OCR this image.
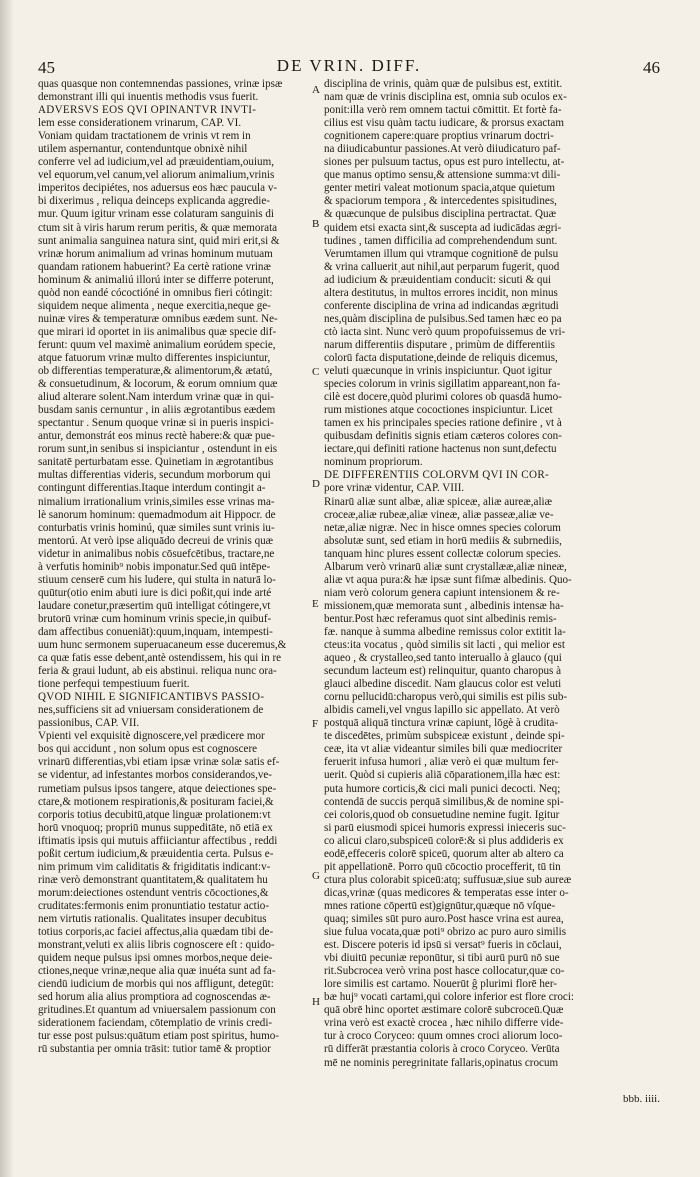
45	DE VRIN. DIFF.	46
quas quasque non contemnendas passiones, vrinæ ipsæ
demonstrant illi qui inuentis methodis vsus fuerit.
ADVERSVS EOS QVI OPINANTVR INVTI-
lem esse considerationem vrinarum, CAP. VI.
Voniam quidam tractationem de vrinis vt rem in
utilem aspernantur, contenduntque obnixè nihil
conferre vel ad iudicium,vel ad præuidentiam,ouium,
vel equorum,vel canum,vel aliorum animalium,vrinis
imperitos decipiétes, nos aduersus eos hæc paucula v-
bi dixerimus , reliqua deinceps explicanda aggredie-
mur. Quum igitur vrinam esse colaturam sanguinis di
ctum sit à viris harum rerum peritis, & quæ memorata
sunt animalia sanguinea natura sint, quid miri erit,si &
vrinæ horum animalium ad vrinas hominum mutuam
quandam rationem habuerint? Ea certè ratione vrinæ
hominum & animaliú illorú inter se differre poterunt,
quòd non eandé cócoctióné in omnibus fieri cótingit:
siquidem neque alimenta , neque exercitia,neque ge-
nuinæ vires & temperaturæ omnibus eædem sunt. Ne-
que mirari id oportet in iis animalibus quæ specie dif-
ferunt: quum vel maximè animalium eorúdem speciе,
atque fatuorum vrinæ multo differentes inspiciuntur,
ob differentias temperaturæ,& alimentorum,& ætatú,
& consuetudinum, & locorum, & eorum omnium quæ
aliud alterare solent.Nam interdum vrinæ quæ in qui-
busdam sanis cernuntur , in aliis ægrotantibus eædem
spectantur . Senum quoque vrinæ si in pueris inspici-
antur, demonstrát eos minus rectè habere:& quæ pue-
rorum sunt,in senibus si inspiciantur , ostendunt in eis
sanitatē perturbatam esse. Quinetiam in ægrotantibus
multas differentias videris, secundum morborum qui
contingunt differentias.Itaque interdum contingit a-
nimalium irrationalium vrinis,similes esse vrinas ma-
lè sanorum hominum: quemadmodum ait Hippocr. de
conturbatis vrinis hominú, quæ similes sunt vrinis iu-
mentorú. At verò ipse aliquādo decreui de vrinis quæ
videtur in animalibus nobis cōsuefcētibus, tractare,ne
à verfutis hominib⁹ nobis imponatur.Sed quū intēpe-
stiuum censerē cum his ludere, qui stulta in naturā lo-
quūtur(otio enim abuti iure is dici poßit,qui inde arté
laudare conetur,præsertim quū intelligat cótingere,vt
brutorū vrinæ cum hominum vrinis specie,in quibuf-
dam affectibus conueniāt):quum,inquam, intempesti-
uum hunc sermonem superuacaneum esse duceremus,&
ca quæ fatis esse debent,antè ostendissem, his qui in re
feria & graui ludunt, ab eis abstinui. reliqua nunc ora-
tione perfequi tempestiuum fuerit.
QVOD NIHIL E SIGNIFICANTIBVS PASSIO-
nes,sufficiens sit ad vniuersam considerationem de
passionibus, CAP. VII.
Vpienti vel exquisitè dignoscere,vel prædicere mor
bos qui accidunt , non solum opus est cognoscere
vrinarū differentias,vbi etiam ipsæ vrinæ solæ satis ef-
se videntur, ad infestantes morbos considerandos,ve-
rumetiam pulsus ipsos tangere, atque deiectiones spe-
ctare,& motionem respirationis,& posituram faciei,&
corporis totius decubitū,atque linguæ prolationem:vt
horū vnoquoq; propriū munus suppeditāte, nō etiā ex
iftimatis ipsis qui mutuis affiiciantur affectibus , reddi
poßit certum iudicium,& præuidentia certa. Pulsus e-
nim primum vim caliditatis & frigiditatis indicant:v-
rinæ verò demonstrant quantitatem,& qualitatem hu
morum:deiectiones ostendunt ventris cōcoctiones,&
cruditates:fermonis enim pronuntiatio testatur actio-
nem virtutis rationalis. Qualitates insuper decubitus
totius corporis,ac faciei affectus,alia quædam tibi de-
monstrant,veluti ex aliis libris cognoscere eſt : quido-
quidem neque pulsus ipsi omnes morbos,neque deie-
ctiones,neque vrinæ,neque alia quæ inuéta sunt ad fa-
ciendū iudicium de morbis qui nos affligunt, detegūt:
sed horum alia alius promptiora ad cognoscendas æ-
gritudines.Et quantum ad vniuersalem passionum con
siderationem faciendam, cōtemplatio de vrinis credi-
tur esse post pulsus:quātum etiam post spiritus, humo-
rū substantia per omnia trāsit: tutior tamē & proptior
A
B
C
D
E
F
G
H
disciplina de vrinis, quàm quæ de pulsibus est, extitit.
nam quæ de vrinis disciplina est, omnia sub oculos ex-
ponit:illa verò rem omnem tactui cōmittit. Et fortè fa-
cilius est visu quàm tactu iudicare, & prorsus exactam
cognitionem capere:quare proptius vrinarum doctri-
na diiudicabuntur passiones.At verò diiudicaturo paf-
siones per pulsuum tactus, opus est puro intellectu, at-
que manus optimo sensu,& attensione summa:vt dili-
genter metiri valeat motionum spacia,atque quietum
& spaciorum tempora , & intercedentes spisitudines,
& quæcunque de pulsibus disciplina pertractat. Quæ
quidem etsi exacta sint,& suscepta ad iudicādas ægri-
tudines , tamen difficilia ad comprehendendum sunt.
Verumtamen illum qui vtramque cognitionē de pulsu
& vrina callueritˌaut nihil,aut perparum fugerit, quod
ad iudicium & præuidentiam conducit: sicuti & qui
altera destitutus, in multos errores incidit, non minus
conferente disciplina de vrina ad indicandas ægritudi
nes,quàm disciplina de pulsibus.Sed tamen hæc eo pa
ctò iacta sint. Nunc verò quum propofuissemus de vri-
narum differentiis disputare , primùm de differentiis
colorū facta disputatione,deinde de reliquis dicemus,
veluti quæcunque in vrinis inspiciuntur. Quot igitur
species colorum in vrinis sigillatim appareant,non fa-
cilè est docere,quòd plurimi colores ob quasdā humo-
rum mistiones atque cococtiones inspiciuntur. Licet
tamen ex his principales species ratione definire , vt à
quibusdam definitis signis etiam cæteros colores con-
iectare,qui definiti ratione hactenus non sunt,defectu
nominum propriorum.
DE DIFFERENTIIS COLORVM QVI IN COR-
pore vrinæ videntur, CAP. VIII.
Rinarū aliæ sunt albæ, aliæ spiceæ, aliæ aureæ,aliæ
croceæ,aliæ rubeæ,aliæ vineæ, aliæ passeæ,aliæ ve-
netæ,aliæ nigræ. Nec in hisce omnes species colorum
absolutæ sunt, sed etiam in horū mediis & subrnediis,
tanquam hinc plures essent collectæ colorum species.
Albarum verò vrinarū aliæ sunt crystallææ,aliæ nineæ,
aliæ vt aqua pura:& hæ ipsæ sunt fiſmæ albedinis. Quo-
niam verò colorum genera capiunt intensionem & re-
missionem,quæ memorata sunt , albedinis intensæ ha-
bentur.Post hæc referamus quot sint albedinis remis-
fæ. nanque à summa albedine remissus color extitit la-
cteus:ita vocatus , quòd similis sit lacti , qui melior est
aqueo , & crystalleo,sed tanto interuallo à glauco (qui
secundum lacteum est) relinquitur, quanto charopus à
glauci albedine discedit. Nam glaucus color est veluti
cornu pellucidū:charopus verò,qui similis est pilis sub-
albidis cameli,vel vngus lapillo sic appellato. At verò
postquā aliquā tinctura vrinæ capiunt, lōgè à crudita-
te discedētes, primùm subspiceæ existunt , deinde spi-
ceæ, ita vt aliæ videantur similes bili quæ mediocriter
feruerit infusa humori , aliæ verò ei quæ multum fer-
uerit. Quòd si cupieris aliā cōparationem,illa hæc est:
puta humore corticis,& cici mali punici decocti. Neq;
contendā de succis perquā similibus,& de nomine spi-
cei coloris,quod ob consuetudine nemine fugit. Igitur
si parū eiusmodi spicei humoris expressi inieceris suc-
co alicui claro,subspiceū colorē:& si plus addideris ex
eodē,effeceris colorē spiceū, quorum alter ab altero ca
pit appellationē. Porro quū cōcoctio procefferit, tū tin
ctura plus colorabit spiceū:atq; suffusuæ,siue sub aureæ
dicas,vrinæ (quas medicores & temperatas esse inter o-
mnes ratione cōpertū est)gignūtur,quæque nō vſque-
quaq; similes sūt puro auro.Post hasce vrina est aurea,
siue fulua vocata,quæ poti⁹ obrizo ac puro auro similis
est. Discere poteris id ipsū si versat⁹ fueris in cōclaui,
vbi diuitū pecuniæ reponūtur, si tibi aurū purū nō sue
rit.Subcrocea verò vrina post hasce collocatur,quæ co-
lore similis est cartamo. Nouerūt ĝ plurimi florē her-
bæ huj⁹ vocati cartami,qui colore inferior est flore croci:
quā obrē hinc oportet æstimare colorē subcroceū.Quæ
vrina verò est exactè crocea , hæc nihilo differre vide-
tur à croco Coryceo: quum omnes croci aliorum loco-
rū differāt præstantia coloris à croco Coryceo. Verūta
mē ne nominis peregrinitate fallaris,opinatus crocum
bbb. iiii.
